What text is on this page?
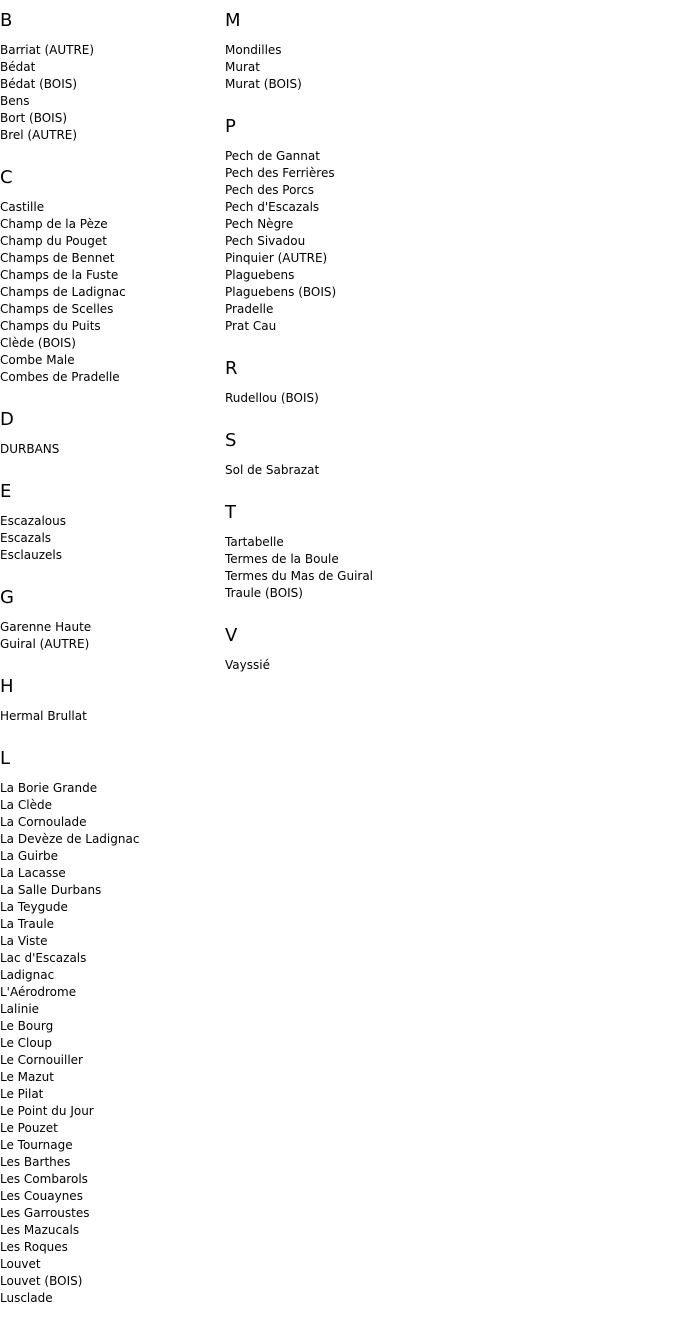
B
Barriat (AUTRE)
Bédat
Bédat (BOIS)
Bens
Bort (BOIS)
Brel (AUTRE)
C
Castille
Champ de la Pèze
Champ du Pouget
Champs de Bennet
Champs de la Fuste
Champs de Ladignac
Champs de Scelles
Champs du Puits
Clède (BOIS)
Combe Male
Combes de Pradelle
D
DURBANS
E
Escazalous
Escazals
Esclauzels
G
Garenne Haute
Guiral (AUTRE)
H
Hermal Brullat
L
La Borie Grande
La Clède
La Cornoulade
La Devèze de Ladignac
La Guirbe
La Lacasse
La Salle Durbans
La Teygude
La Traule
La Viste
Lac d'Escazals
Ladignac
L'Aérodrome
Lalinie
Le Bourg
Le Cloup
Le Cornouiller
Le Mazut
Le Pilat
Le Point du Jour
Le Pouzet
Le Tournage
Les Barthes
Les Combarols
Les Couaynes
Les Garroustes
Les Mazucals
Les Roques
Louvet
Louvet (BOIS)
Lusclade
M
Mondilles
Murat
Murat (BOIS)
P
Pech de Gannat
Pech des Ferrières
Pech des Porcs
Pech d'Escazals
Pech Nègre
Pech Sivadou
Pinquier (AUTRE)
Plaguebens
Plaguebens (BOIS)
Pradelle
Prat Cau
R
Rudellou (BOIS)
S
Sol de Sabrazat
T
Tartabelle
Termes de la Boule
Termes du Mas de Guiral
Traule (BOIS)
V
Vayssié
